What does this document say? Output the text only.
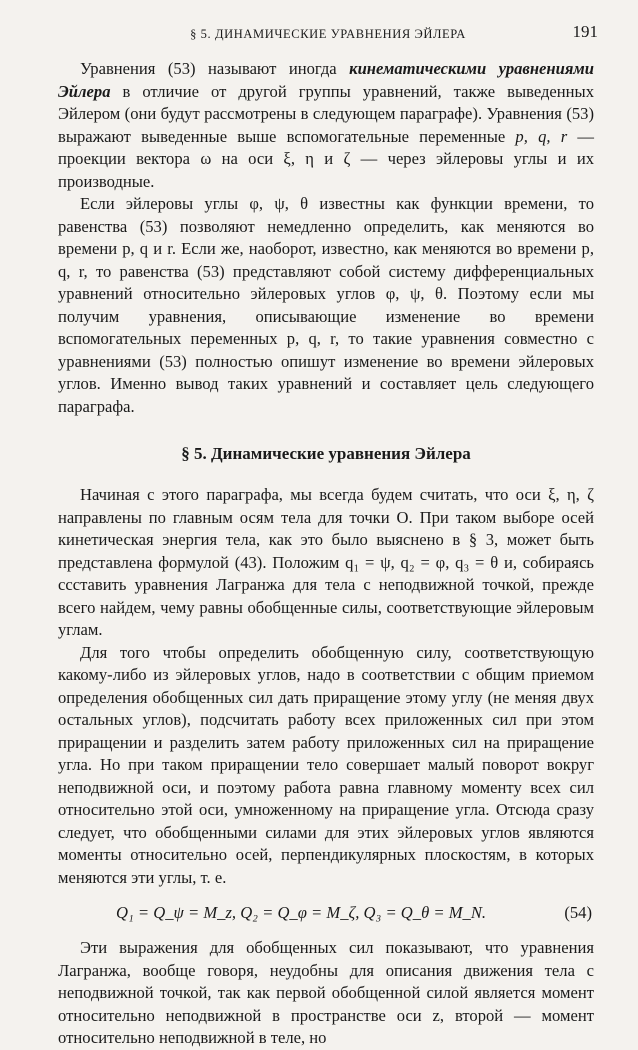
§ 5. ДИНАМИЧЕСКИЕ УРАВНЕНИЯ ЭЙЛЕРА	191

Уравнения (53) называют иногда кинематическими уравнениями Эйлера в отличие от другой группы уравнений, также выведенных Эйлером (они будут рассмотрены в следующем параграфе). Уравнения (53) выражают выведенные выше вспомогательные переменные p, q, r — проекции вектора ω на оси ξ, η и ζ — через эйлеровы углы и их производные.

Если эйлеровы углы φ, ψ, θ известны как функции времени, то равенства (53) позволяют немедленно определить, как меняются во времени p, q и r. Если же, наоборот, известно, как меняются во времени p, q, r, то равенства (53) представляют собой систему дифференциальных уравнений относительно эйлеровых углов φ, ψ, θ. Поэтому если мы получим уравнения, описывающие изменение во времени вспомогательных переменных p, q, r, то такие уравнения совместно с уравнениями (53) полностью опишут изменение во времени эйлеровых углов. Именно вывод таких уравнений и составляет цель следующего параграфа.

§ 5. Динамические уравнения Эйлера

Начиная с этого параграфа, мы всегда будем считать, что оси ξ, η, ζ направлены по главным осям тела для точки O. При таком выборе осей кинетическая энергия тела, как это было выяснено в § 3, может быть представлена формулой (43). Положим q₁ = ψ, q₂ = φ, q₃ = θ и, собираясь ссставить уравнения Лагранжа для тела с неподвижной точкой, прежде всего найдем, чему равны обобщенные силы, соответствующие эйлеровым углам.

Для того чтобы определить обобщенную силу, соответствующую какому-либо из эйлеровых углов, надо в соответствии с общим приемом определения обобщенных сил дать приращение этому углу (не меняя двух остальных углов), подсчитать работу всех приложенных сил при этом приращении и разделить затем работу приложенных сил на приращение угла. Но при таком приращении тело совершает малый поворот вокруг неподвижной оси, и поэтому работа равна главному моменту всех сил относительно этой оси, умноженному на приращение угла. Отсюда сразу следует, что обобщенными силами для этих эйлеровых углов являются моменты относительно осей, перпендикулярных плоскостям, в которых меняются эти углы, т. е.

Q₁ = Q_ψ = M_z, Q₂ = Q_φ = M_ζ, Q₃ = Q_θ = M_N.	(54)

Эти выражения для обобщенных сил показывают, что уравнения Лагранжа, вообще говоря, неудобны для описания движения тела с неподвижной точкой, так как первой обобщенной силой является момент относительно неподвижной в пространстве оси z, второй — момент относительно неподвижной в теле, но
